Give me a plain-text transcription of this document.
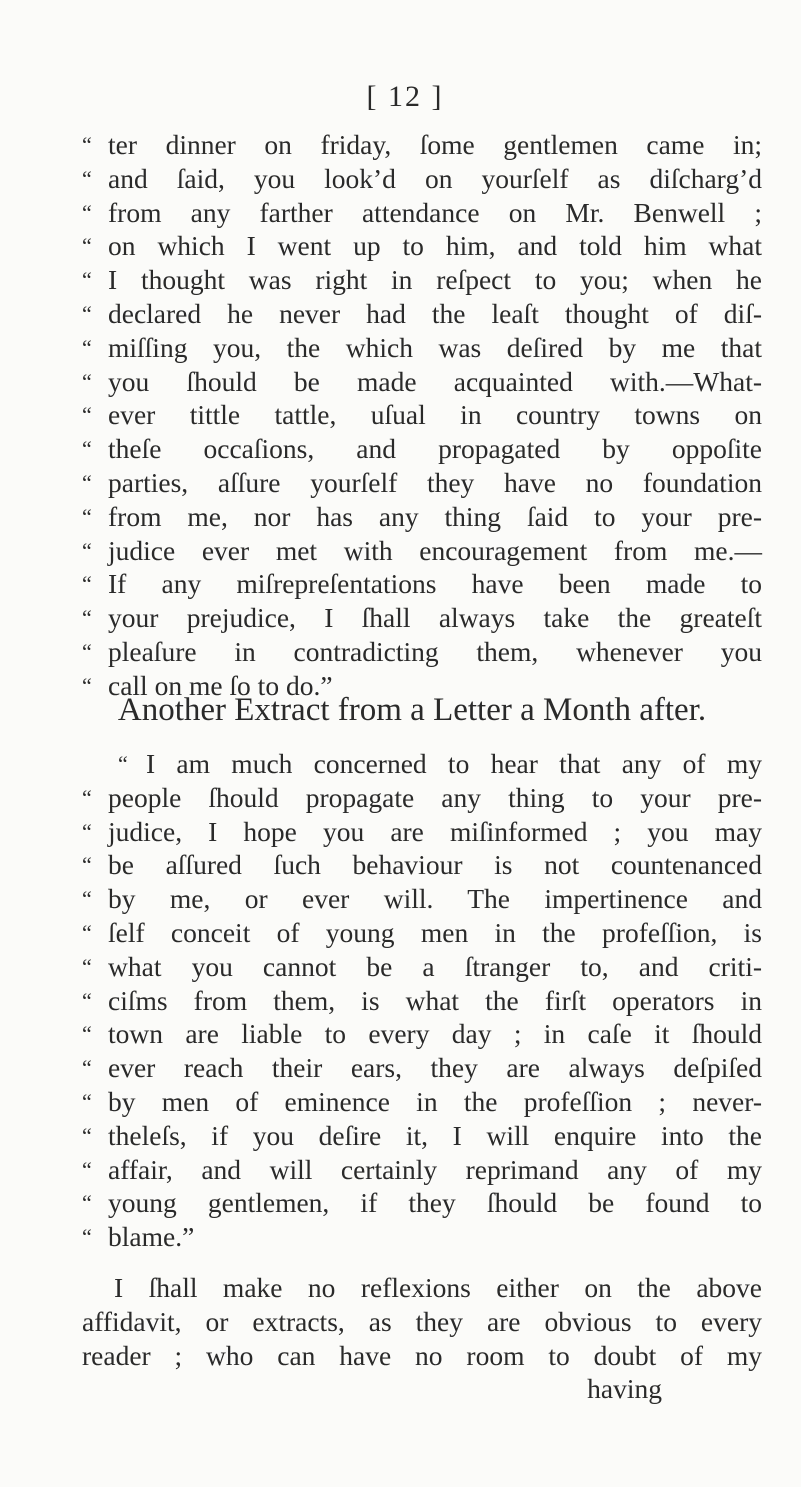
[ 12 ]
“ ter dinner on friday, ſome gentlemen came in;
“ and ſaid, you look’d on yourſelf as diſcharg’d
“ from any farther attendance on Mr. Benwell ;
“ on which I went up to him, and told him what
“ I thought was right in reſpect to you; when he
“ declared he never had the leaſt thought of diſ-
“ miſſing you, the which was deſired by me that
“ you ſhould be made acquainted with.—What-
“ ever tittle tattle, uſual in country towns on
“ theſe occaſions, and propagated by oppoſite
“ parties, aſſure yourſelf they have no foundation
“ from me, nor has any thing ſaid to your pre-
“ judice ever met with encouragement from me.—
“ If any miſrepreſentations have been made to
“ your prejudice, I ſhall always take the greateſt
“ pleaſure in contradicting them, whenever you
“ call on me ſo to do.”
Another Extract from a Letter a Month after.
“ I am much concerned to hear that any of my
“ people ſhould propagate any thing to your pre-
“ judice, I hope you are miſinformed ; you may
“ be aſſured ſuch behaviour is not countenanced
“ by me, or ever will. The impertinence and
“ ſelf conceit of young men in the profeſſion, is
“ what you cannot be a ſtranger to, and criti-
“ ciſms from them, is what the firſt operators in
“ town are liable to every day ; in caſe it ſhould
“ ever reach their ears, they are always deſpiſed
“ by men of eminence in the profeſſion ; never-
“ theleſs, if you deſire it, I will enquire into the
“ affair, and will certainly reprimand any of my
“ young gentlemen, if they ſhould be found to
“ blame.”
I ſhall make no reflexions either on the above
affidavit, or extracts, as they are obvious to every
reader ; who can have no room to doubt of my
having
